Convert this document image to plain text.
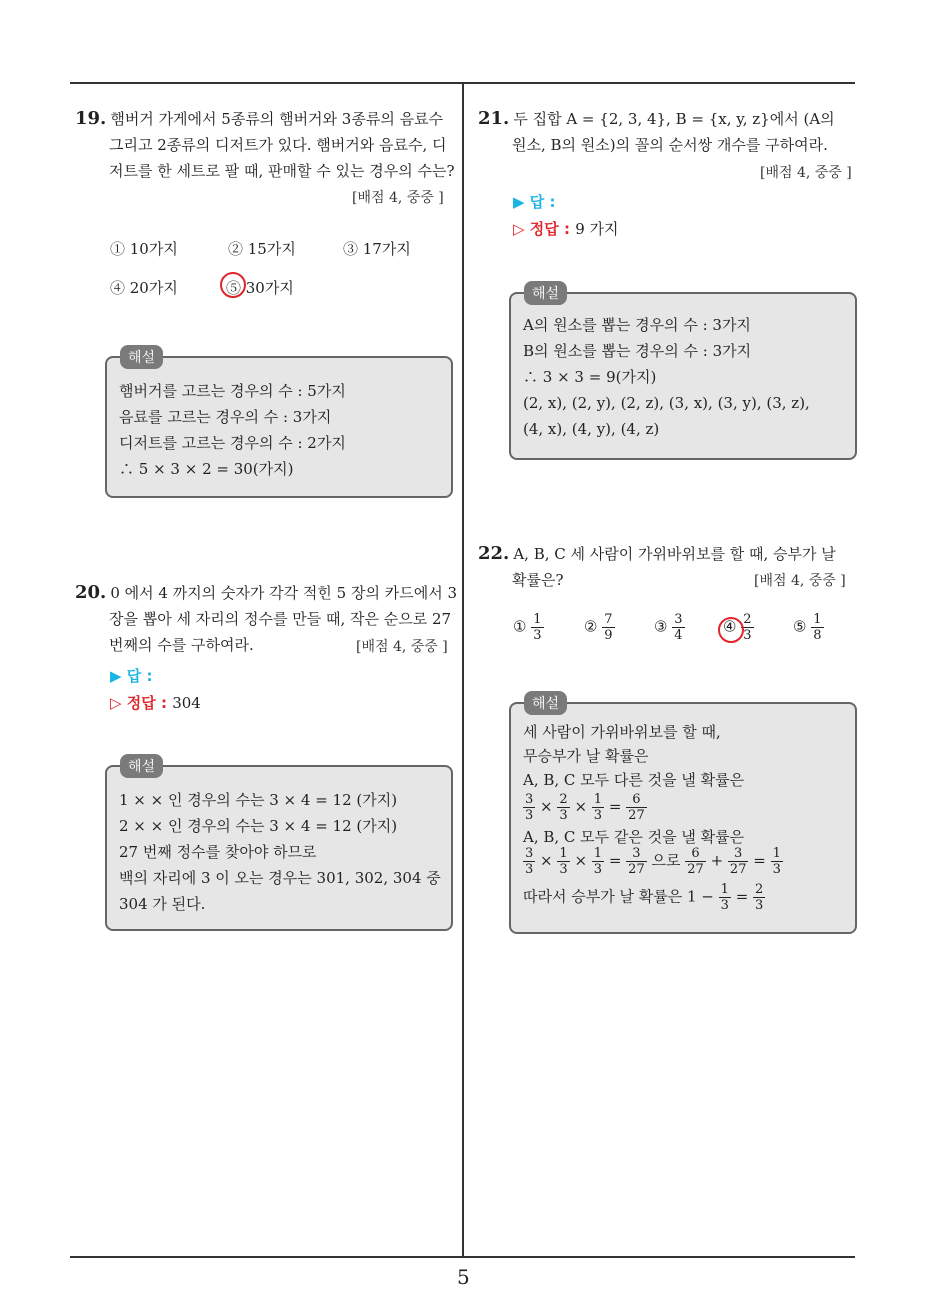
5
19. 햄버거 가게에서 5종류의 햄버거와 3종류의 음료수
그리고 2종류의 디저트가 있다. 햄버거와 음료수, 디
저트를 한 세트로 팔 때, 판매할 수 있는 경우의 수는?
[배점 4, 중중 ]
① 10가지	② 15가지	③ 17가지
④ 20가지	⑤ 30가지
햄버거를 고르는 경우의 수 : 5가지
음료를 고르는 경우의 수 : 3가지
디저트를 고르는 경우의 수 : 2가지
∴ 5 × 3 × 2 = 30(가지)
해설
20. 0 에서 4 까지의 숫자가 각각 적힌 5 장의 카드에서 3
장을 뽑아 세 자리의 정수를 만들 때, 작은 순으로 27
번째의 수를 구하여라.	[배점 4, 중중 ]
▶ 답 :
▷ 정답 : 304
1 × × 인 경우의 수는 3 × 4 = 12 (가지)
2 × × 인 경우의 수는 3 × 4 = 12 (가지)
27 번째 정수를 찾아야 하므로
백의 자리에 3 이 오는 경우는 301, 302, 304 중
304 가 된다.
해설
21. 두 집합 A = {2, 3, 4}, B = {x, y, z}에서 (A의
원소, B의 원소)의 꼴의 순서쌍 개수를 구하여라.
[배점 4, 중중 ]
▶ 답 :
▷ 정답 : 9 가지
A의 원소를 뽑는 경우의 수 : 3가지
B의 원소를 뽑는 경우의 수 : 3가지
∴ 3 × 3 = 9(가지)
(2, x), (2, y), (2, z), (3, x), (3, y), (3, z),
(4, x), (4, y), (4, z)
해설
22. A, B, C 세 사람이 가위바위보를 할 때, 승부가 날
확률은?	[배점 4, 중중 ]
① $\frac{1}{3}$	② $\frac{7}{9}$	③ $\frac{3}{4}$	④ $\frac{2}{3}$	⑤ $\frac{1}{8}$
세 사람이 가위바위보를 할 때,
무승부가 날 확률은
A, B, C 모두 다른 것을 낼 확률은
$\frac{3}{3} \times \frac{2}{3} \times \frac{1}{3} = \frac{6}{27}$
A, B, C 모두 같은 것을 낼 확률은
$\frac{3}{3} \times \frac{1}{3} \times \frac{1}{3} = \frac{3}{27}$ 으로 $\frac{6}{27} + \frac{3}{27} = \frac{1}{3}$
따라서 승부가 날 확률은 $1 - \frac{1}{3} = \frac{2}{3}$
해설
